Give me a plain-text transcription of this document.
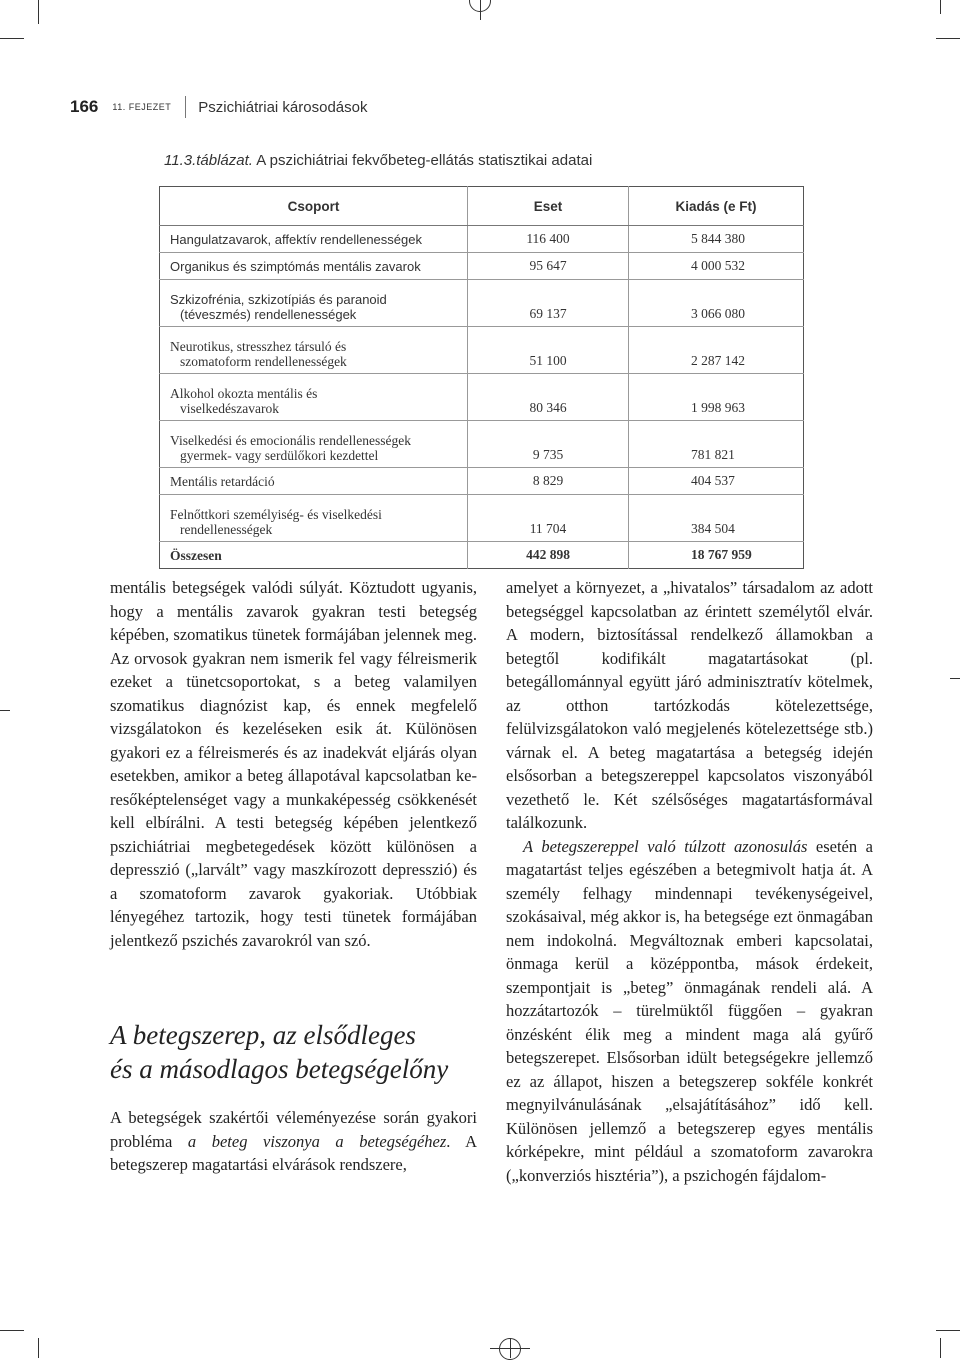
166 11. FEJEZET Pszichiátriai károsodások
11.3.táblázat. A pszichiátriai fekvőbeteg-ellátás statisztikai adatai
Csoport	Eset	Kiadás (e Ft)
Hangulatzavarok, affektív rendellenességek	116 400	5 844 380
Organikus és szimptómás mentális zavarok	95 647	4 000 532
Szkizofrénia, szkizotípiás és paranoid
(téveszmés) rendellenességek	69 137	3 066 080
Neurotikus, stresszhez társuló és
szomatoform rendellenességek	51 100	2 287 142
Alkohol okozta mentális és
viselkedészavarok	80 346	1 998 963
Viselkedési és emocionális rendellenességek
gyermek- vagy serdülőkori kezdettel	9 735	781 821
Mentális retardáció	8 829	404 537
Felnőttkori személyiség- és viselkedési
rendellenességek	11 704	384 504
Összesen	442 898	18 767 959

mentális betegségek valódi súlyát. Köztudott ugyanis, hogy a mentális zavarok gyakran testi betegség képében, szomatikus tünetek formájában jelennek meg. Az orvosok gyakran nem ismerik fel vagy félreismerik ezeket a tünetcsoportokat, s a beteg valamilyen szomatikus diagnózist kap, és ennek megfelelő vizsgálatokon és kezeléseken esik át. Különösen gyakori ez a félreismerés és az inadekvát eljárás olyan esetekben, amikor a beteg állapotával kapcsolatban keresőképtelenséget vagy a munkaképesség csökkenését kell elbírálni. A testi betegség képében jelentkező pszichiátriai megbetegedések között különösen a depresszió („larvált” vagy maszkírozott depresszió) és a szomatoform zavarok gyakoriak. Utóbbiak lényegéhez tartozik, hogy testi tünetek formájában jelentkező pszichés zavarokról van szó.

A betegszerep, az elsődleges
és a másodlagos betegségelőny

A betegségek szakértői véleményezése során gyakori probléma a beteg viszonya a betegségéhez. A betegszerep magatartási elvárások rendszere,

amelyet a környezet, a „hivatalos” társadalom az adott betegséggel kapcsolatban az érintett személytől elvár. A modern, biztosítással rendelkező államokban a betegtől kodifikált magatartásokat (pl. betegállománnyal együtt járó adminisztratív kötelmek, az otthon tartózkodás kötelezettsége, felülvizsgálatokon való megjelenés kötelezettsége stb.) várnak el. A beteg magatartása a betegség idején elsősorban a betegszereppel kapcsolatos viszonyából vezethető le. Két szélsőséges magatartásformával találkozunk.

A betegszereppel való túlzott azonosulás esetén a magatartást teljes egészében a betegmivolt hatja át. A személy felhagy mindennapi tevékenységeivel, szokásaival, még akkor is, ha betegsége ezt önmagában nem indokolná. Megváltoznak emberi kapcsolatai, önmaga kerül a középpontba, mások érdekeit, szempontjait is „beteg” önmagának rendeli alá. A hozzátartozók – türelmüktől függően – gyakran önzésként élik meg a mindent maga alá gyűrő betegszerepet. Elsősorban idült betegségekre jellemző ez az állapot, hiszen a betegszerep sokféle konkrét megnyilvánulásának „elsajátításához” idő kell. Különösen jellemző a betegszerep egyes mentális kórképekre, mint például a szomatoform zavarokra („konverziós hisztéria”), a pszichogén fájdalom-
